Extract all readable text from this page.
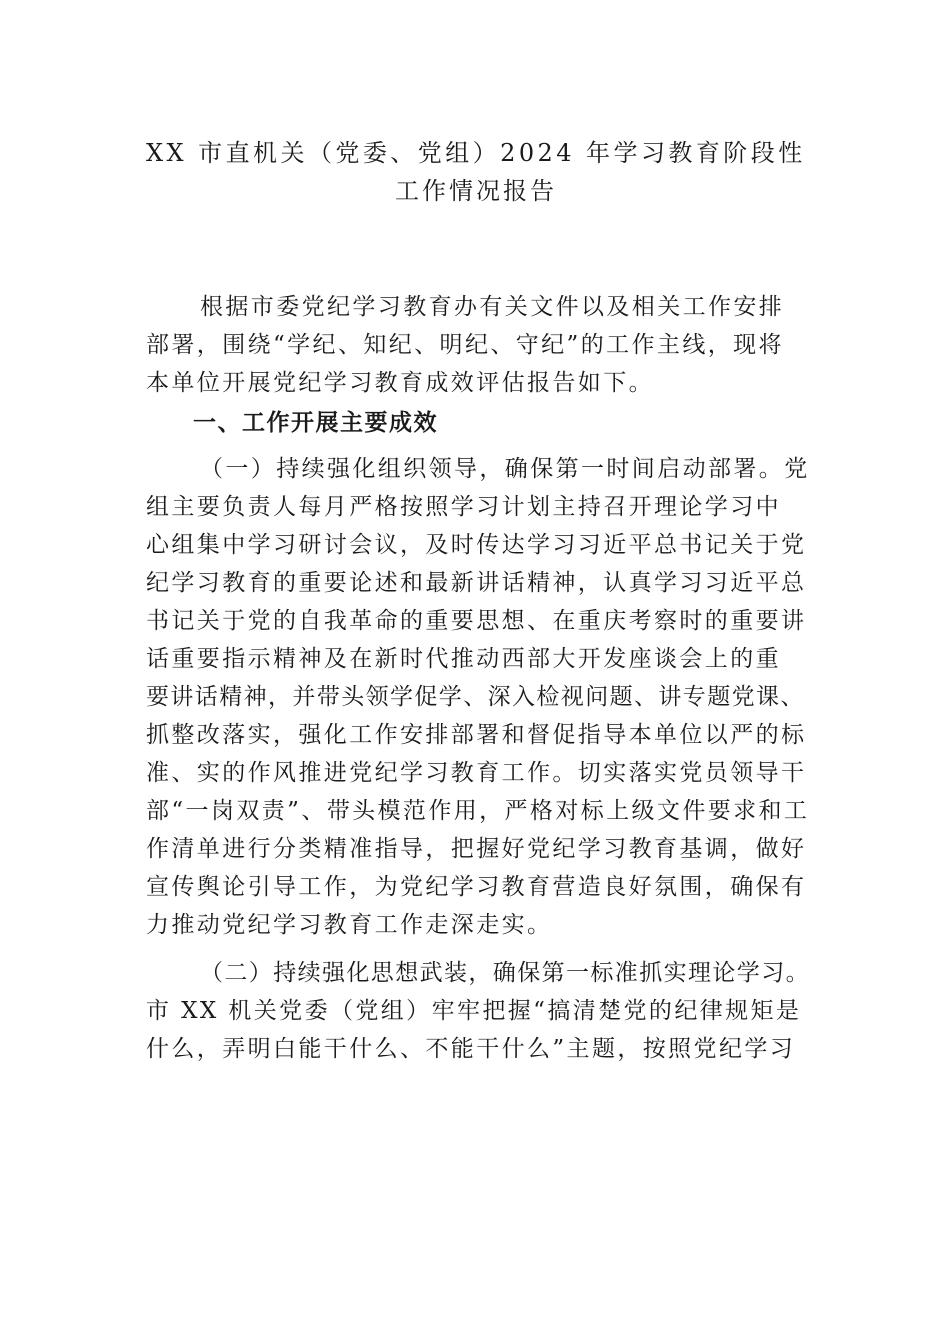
XX 市直机关（党委、党组）2024 年学习教育阶段性
工作情况报告
根据市委党纪学习教育办有关文件以及相关工作安排
部署，围绕“学纪、知纪、明纪、守纪”的工作主线，现将
本单位开展党纪学习教育成效评估报告如下。
一、工作开展主要成效
（一）持续强化组织领导，确保第一时间启动部署。党
组主要负责人每月严格按照学习计划主持召开理论学习中
心组集中学习研讨会议，及时传达学习习近平总书记关于党
纪学习教育的重要论述和最新讲话精神，认真学习习近平总
书记关于党的自我革命的重要思想、在重庆考察时的重要讲
话重要指示精神及在新时代推动西部大开发座谈会上的重
要讲话精神，并带头领学促学、深入检视问题、讲专题党课、
抓整改落实，强化工作安排部署和督促指导本单位以严的标
准、实的作风推进党纪学习教育工作。切实落实党员领导干
部“一岗双责”、带头模范作用，严格对标上级文件要求和工
作清单进行分类精准指导，把握好党纪学习教育基调，做好
宣传舆论引导工作，为党纪学习教育营造良好氛围，确保有
力推动党纪学习教育工作走深走实。
（二）持续强化思想武装，确保第一标准抓实理论学习。
市 XX 机关党委（党组）牢牢把握“搞清楚党的纪律规矩是
什么，弄明白能干什么、不能干什么”主题，按照党纪学习
